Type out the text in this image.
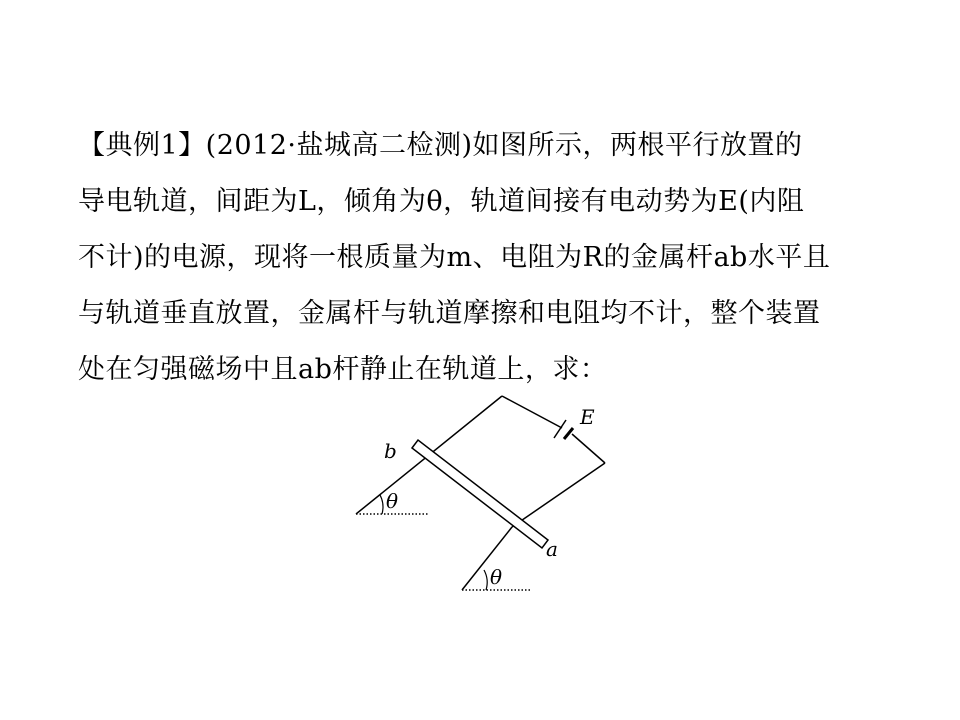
【典例1】(2012·盐城高二检测)如图所示，两根平行放置的
导电轨道，间距为L，倾角为θ，轨道间接有电动势为E(内阻
不计)的电源，现将一根质量为m、电阻为R的金属杆ab水平且
与轨道垂直放置，金属杆与轨道摩擦和电阻均不计，整个装置
处在匀强磁场中且ab杆静止在轨道上，求：
b
a
E
θ
θ
